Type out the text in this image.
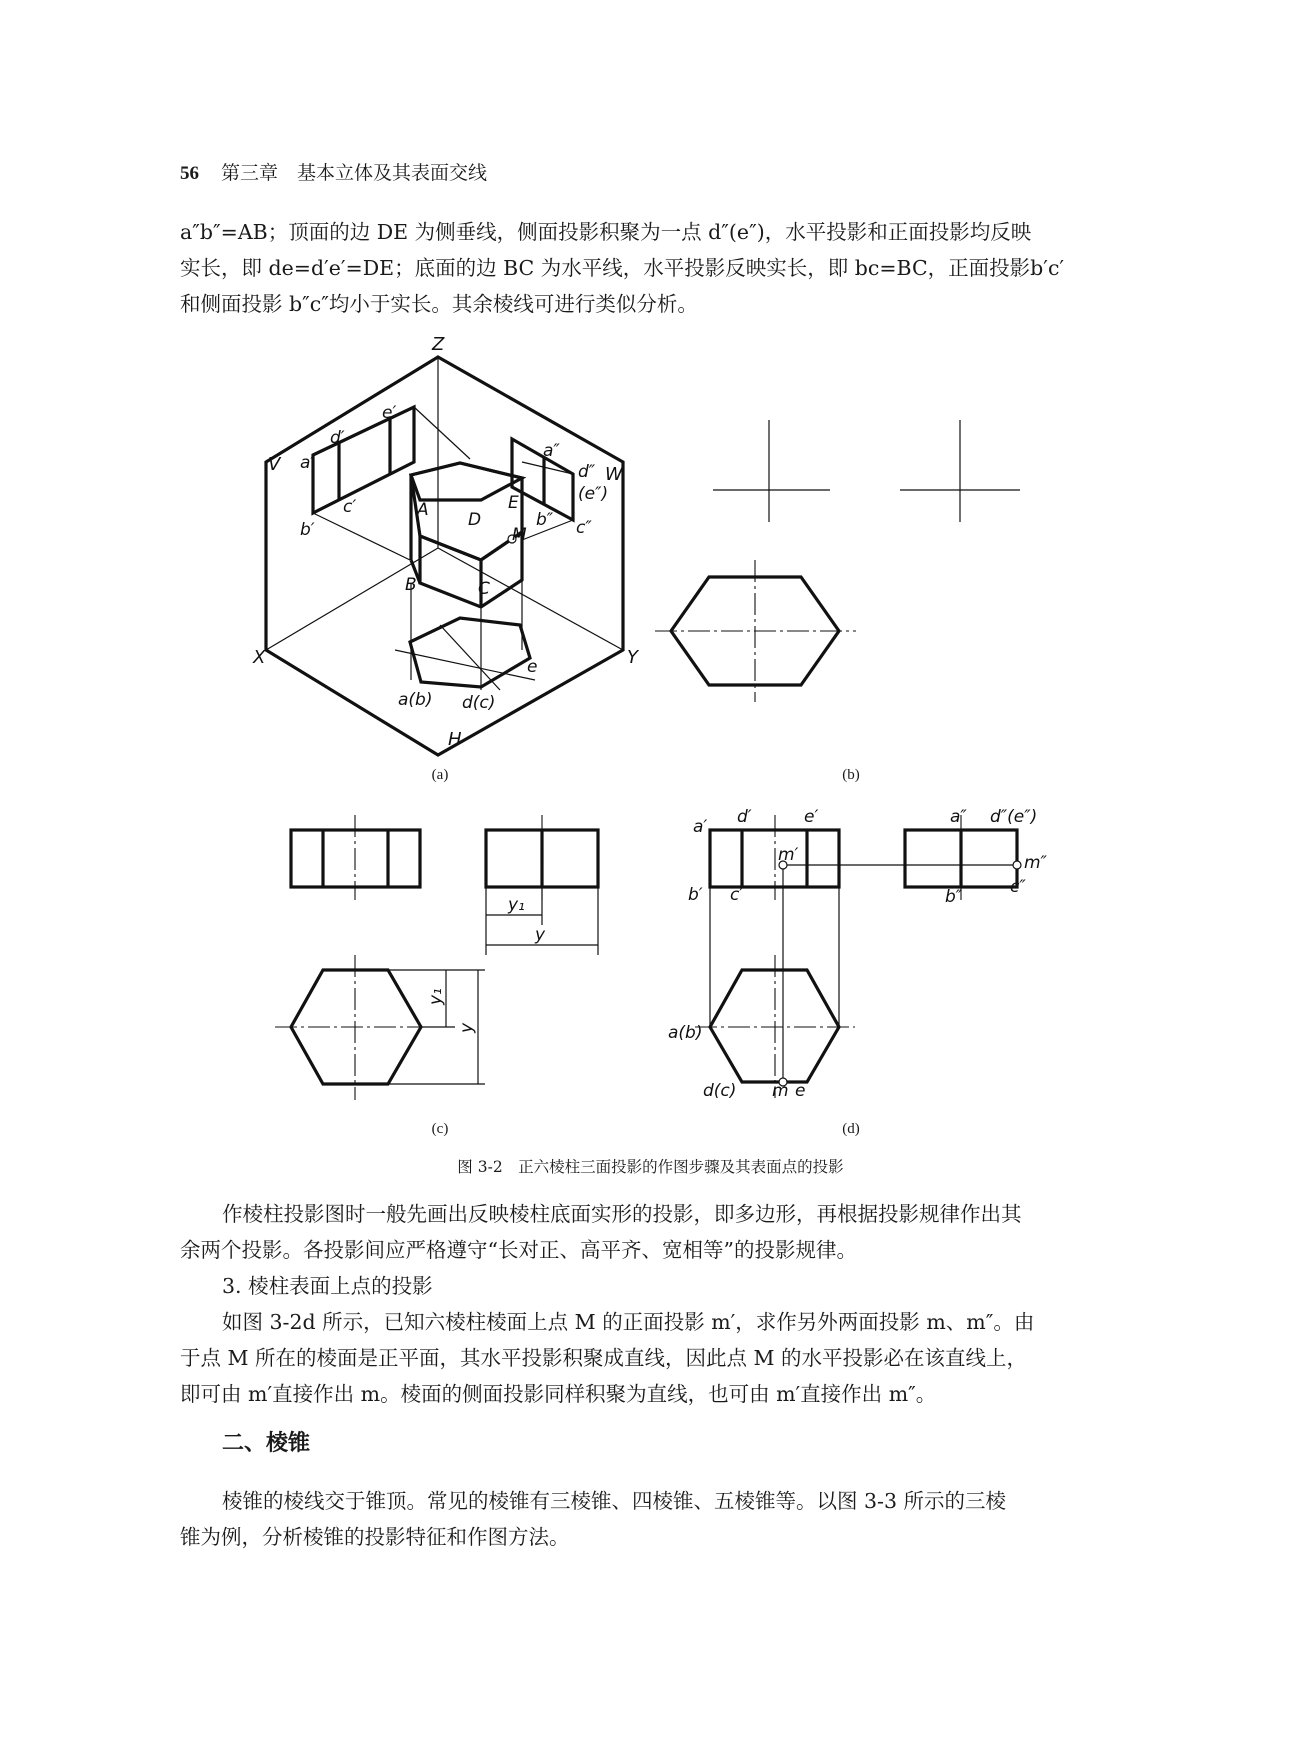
56 第三章　基本立体及其表面交线
a″b″=AB；顶面的边 DE 为侧垂线，侧面投影积聚为一点 d″(e″)，水平投影和正面投影均反映
实长，即 de=d′e′=DE；底面的边 BC 为水平线，水平投影反映实长，即 bc=BC，正面投影b′c′
和侧面投影 b″c″均小于实长。其余棱线可进行类似分析。
Z
X	Y
V	W
H
a′
d′
e′
c′
b′
a″
d″
(e″)
b″ c″
A D
E
M
B	C
a(b) d(c)
e
y₁
y
y₁
y
a′ d′	e′
m′
b′ c′
a″ d″(e″)
m″
b″	c″
a(b)
d(c) m e
(a)	(b)
(c)	(d)
图 3-2　正六棱柱三面投影的作图步骤及其表面点的投影
作棱柱投影图时一般先画出反映棱柱底面实形的投影，即多边形，再根据投影规律作出其
余两个投影。各投影间应严格遵守“长对正、高平齐、宽相等”的投影规律。
3. 棱柱表面上点的投影
如图 3-2d 所示，已知六棱柱棱面上点 M 的正面投影 m′，求作另外两面投影 m、m″。由
于点 M 所在的棱面是正平面，其水平投影积聚成直线，因此点 M 的水平投影必在该直线上，
即可由 m′直接作出 m。棱面的侧面投影同样积聚为直线，也可由 m′直接作出 m″。
二、棱锥
棱锥的棱线交于锥顶。常见的棱锥有三棱锥、四棱锥、五棱锥等。以图 3-3 所示的三棱
锥为例，分析棱锥的投影特征和作图方法。
